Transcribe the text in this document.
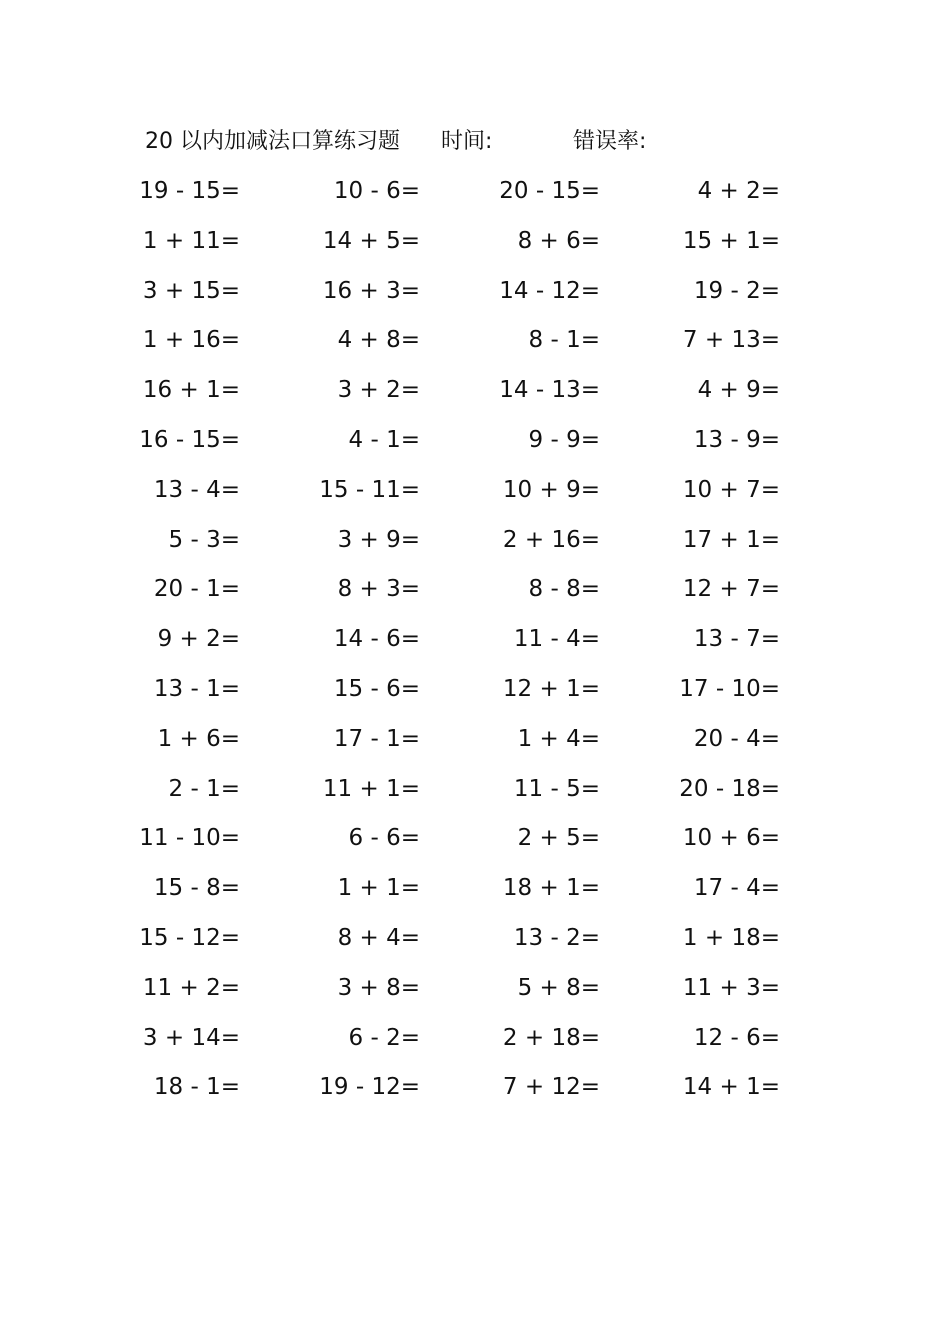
20 以内加减法口算练习题 时间:	错误率:
19 - 15=	10 - 6=	20 - 15=	4 + 2=
1 + 11=	14 + 5=	8 + 6=	15 + 1=
3 + 15=	16 + 3=	14 - 12=	19 - 2=
1 + 16=	4 + 8=	8 - 1=	7 + 13=
16 + 1=	3 + 2=	14 - 13=	4 + 9=
16 - 15=	4 - 1=	9 - 9=	13 - 9=
13 - 4=	15 - 11=	10 + 9=	10 + 7=
5 - 3=	3 + 9=	2 + 16=	17 + 1=
20 - 1=	8 + 3=	8 - 8=	12 + 7=
9 + 2=	14 - 6=	11 - 4=	13 - 7=
13 - 1=	15 - 6=	12 + 1=	17 - 10=
1 + 6=	17 - 1=	1 + 4=	20 - 4=
2 - 1=	11 + 1=	11 - 5=	20 - 18=
11 - 10=	6 - 6=	2 + 5=	10 + 6=
15 - 8=	1 + 1=	18 + 1=	17 - 4=
15 - 12=	8 + 4=	13 - 2=	1 + 18=
11 + 2=	3 + 8=	5 + 8=	11 + 3=
3 + 14=	6 - 2=	2 + 18=	12 - 6=
18 - 1=	19 - 12=	7 + 12=	14 + 1=
